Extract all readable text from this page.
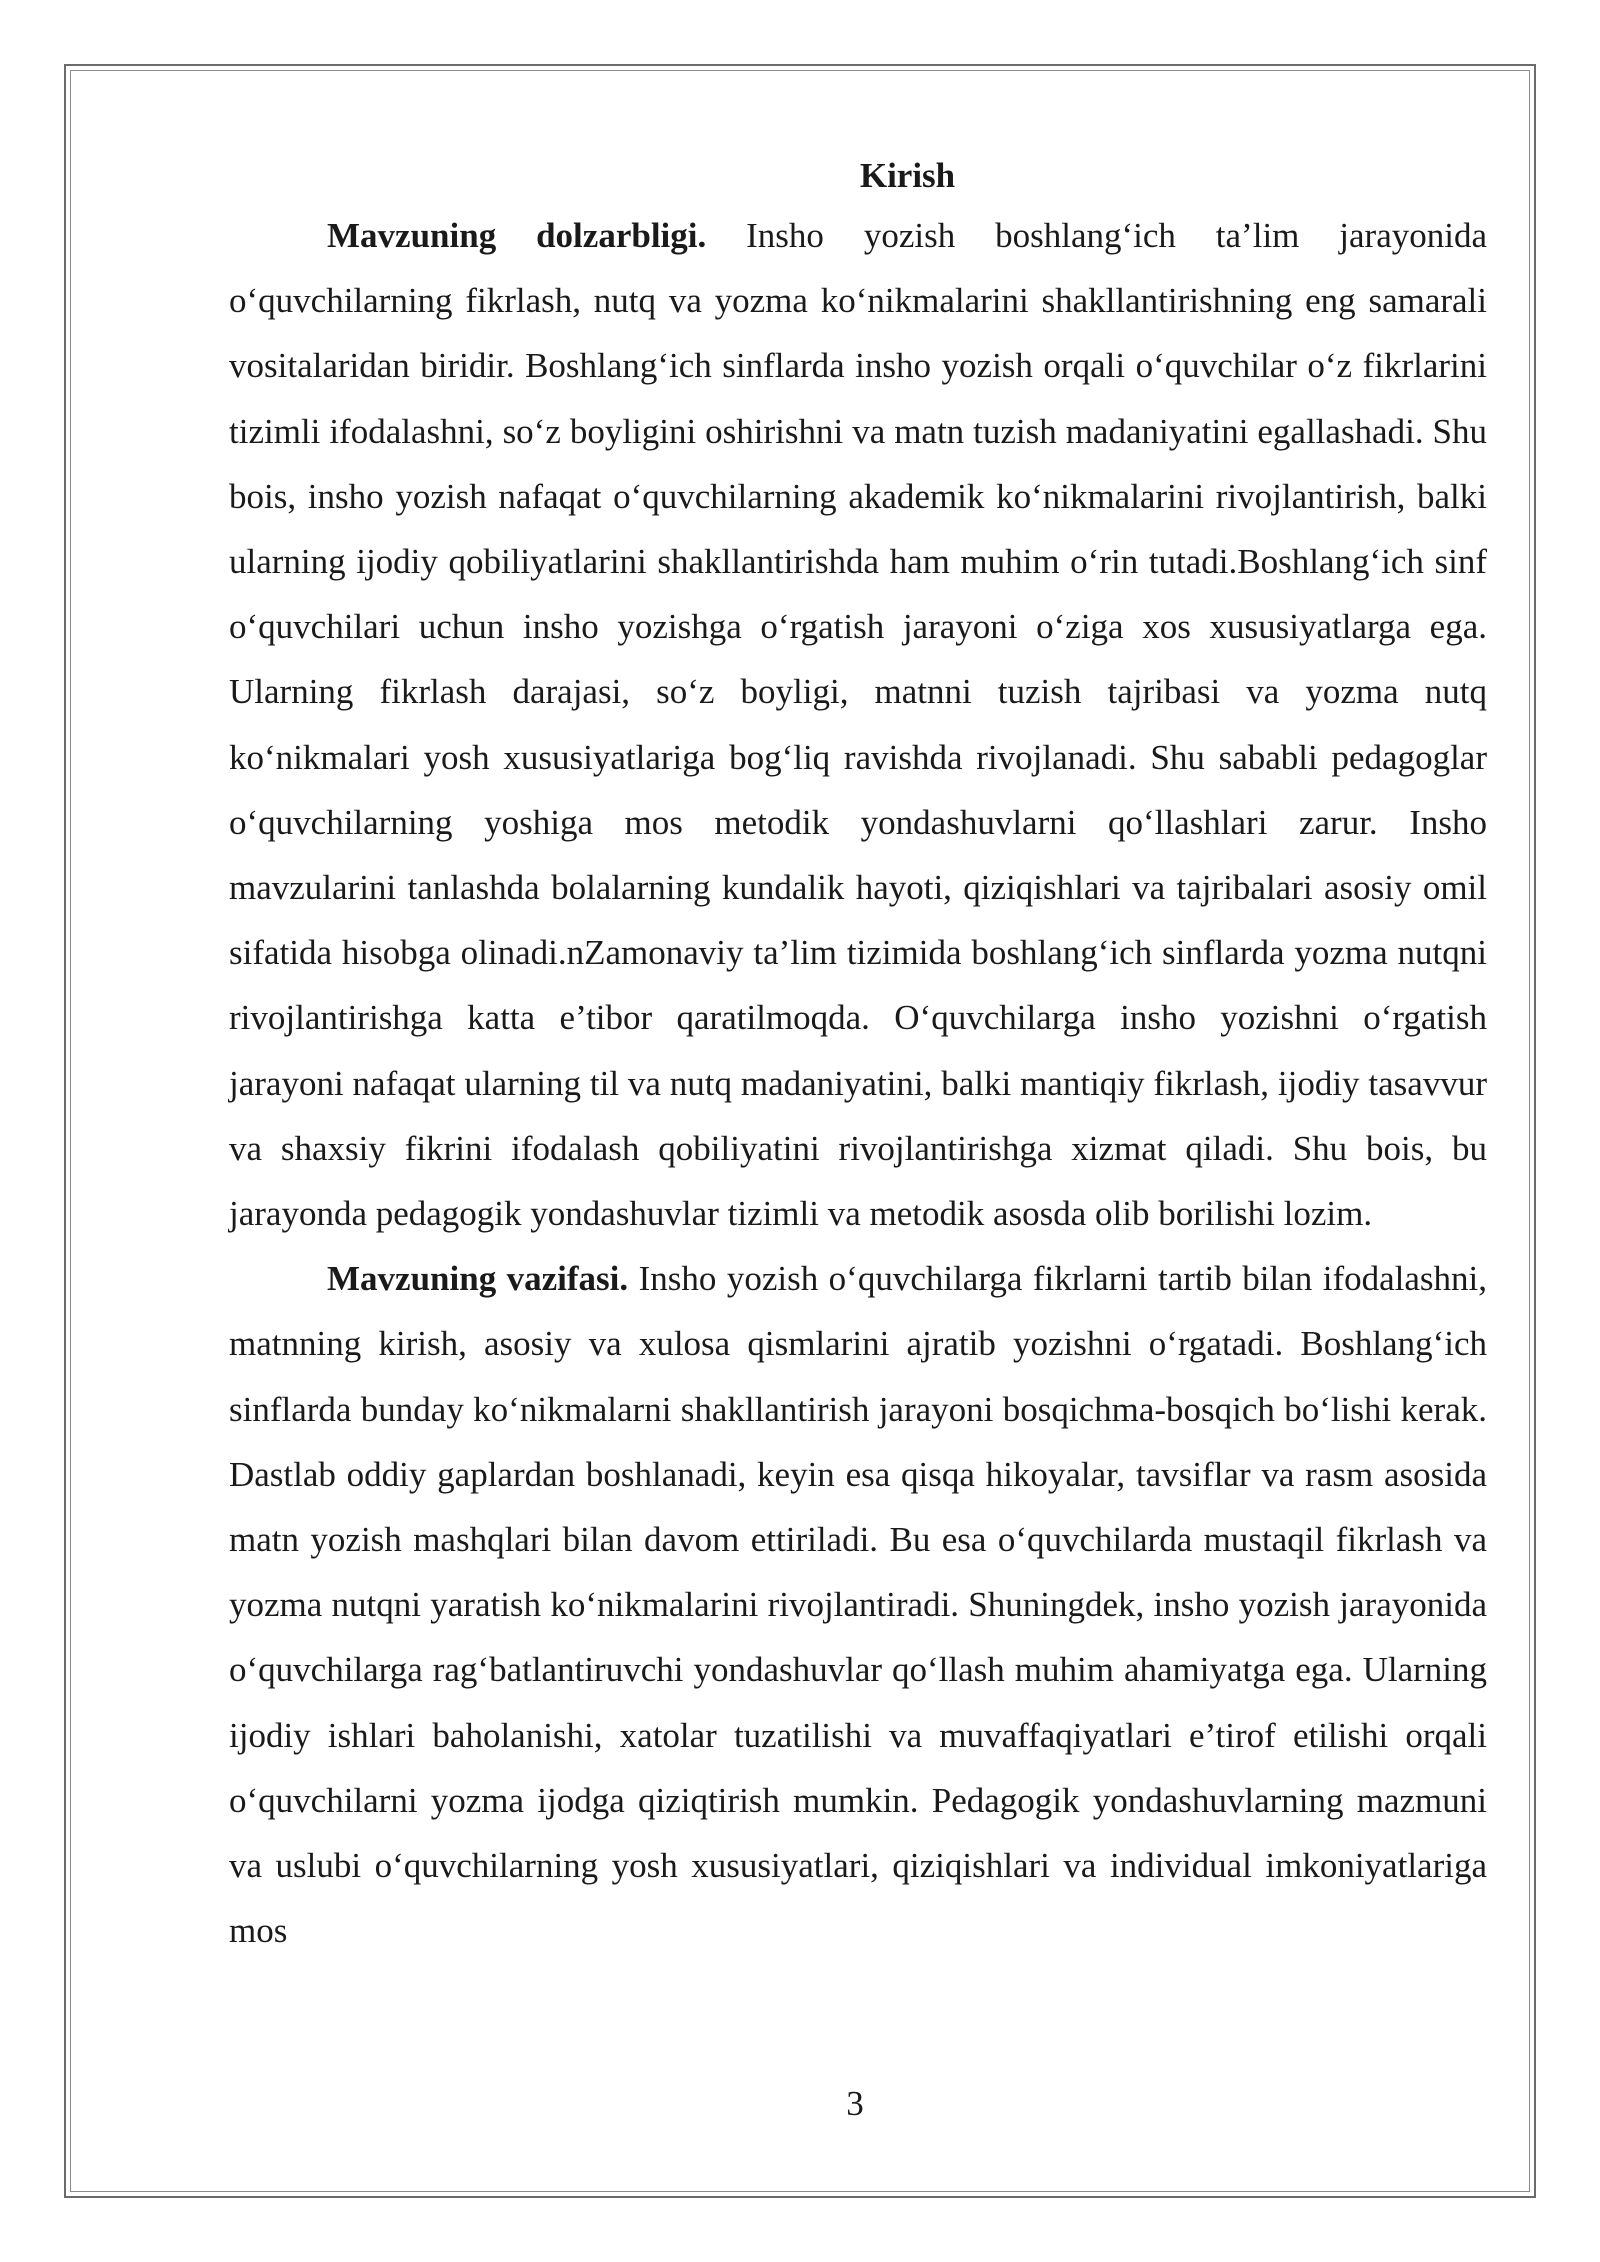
Kirish

Mavzuning dolzarbligi. Insho yozish boshlang‘ich ta’lim jarayonida o‘quvchilarning fikrlash, nutq va yozma ko‘nikmalarini shakllantirishning eng samarali vositalaridan biridir. Boshlang‘ich sinflarda insho yozish orqali o‘quvchilar o‘z fikrlarini tizimli ifodalashni, so‘z boyligini oshirishni va matn tuzish madaniyatini egallashadi. Shu bois, insho yozish nafaqat o‘quvchilarning akademik ko‘nikmalarini rivojlantirish, balki ularning ijodiy qobiliyatlarini shakllantirishda ham muhim o‘rin tutadi.Boshlang‘ich sinf o‘quvchilari uchun insho yozishga o‘rgatish jarayoni o‘ziga xos xususiyatlarga ega. Ularning fikrlash darajasi, so‘z boyligi, matnni tuzish tajribasi va yozma nutq ko‘nikmalari yosh xususiyatlariga bog‘liq ravishda rivojlanadi. Shu sababli pedagoglar o‘quvchilarning yoshiga mos metodik yondashuvlarni qo‘llashlari zarur. Insho mavzularini tanlashda bolalarning kundalik hayoti, qiziqishlari va tajribalari asosiy omil sifatida hisobga olinadi.nZamonaviy ta’lim tizimida boshlang‘ich sinflarda yozma nutqni rivojlantirishga katta e’tibor qaratilmoqda. O‘quvchilarga insho yozishni o‘rgatish jarayoni nafaqat ularning til va nutq madaniyatini, balki mantiqiy fikrlash, ijodiy tasavvur va shaxsiy fikrini ifodalash qobiliyatini rivojlantirishga xizmat qiladi. Shu bois, bu jarayonda pedagogik yondashuvlar tizimli va metodik asosda olib borilishi lozim.

Mavzuning vazifasi. Insho yozish o‘quvchilarga fikrlarni tartib bilan ifodalashni, matnning kirish, asosiy va xulosa qismlarini ajratib yozishni o‘rgatadi. Boshlang‘ich sinflarda bunday ko‘nikmalarni shakllantirish jarayoni bosqichma-bosqich bo‘lishi kerak. Dastlab oddiy gaplardan boshlanadi, keyin esa qisqa hikoyalar, tavsiflar va rasm asosida matn yozish mashqlari bilan davom ettiriladi. Bu esa o‘quvchilarda mustaqil fikrlash va yozma nutqni yaratish ko‘nikmalarini rivojlantiradi. Shuningdek, insho yozish jarayonida o‘quvchilarga rag‘batlantiruvchi yondashuvlar qo‘llash muhim ahamiyatga ega. Ularning ijodiy ishlari baholanishi, xatolar tuzatilishi va muvaffaqiyatlari e’tirof etilishi orqali o‘quvchilarni yozma ijodga qiziqtirish mumkin. Pedagogik yondashuvlarning mazmuni va uslubi o‘quvchilarning yosh xususiyatlari, qiziqishlari va individual imkoniyatlariga mos

3
